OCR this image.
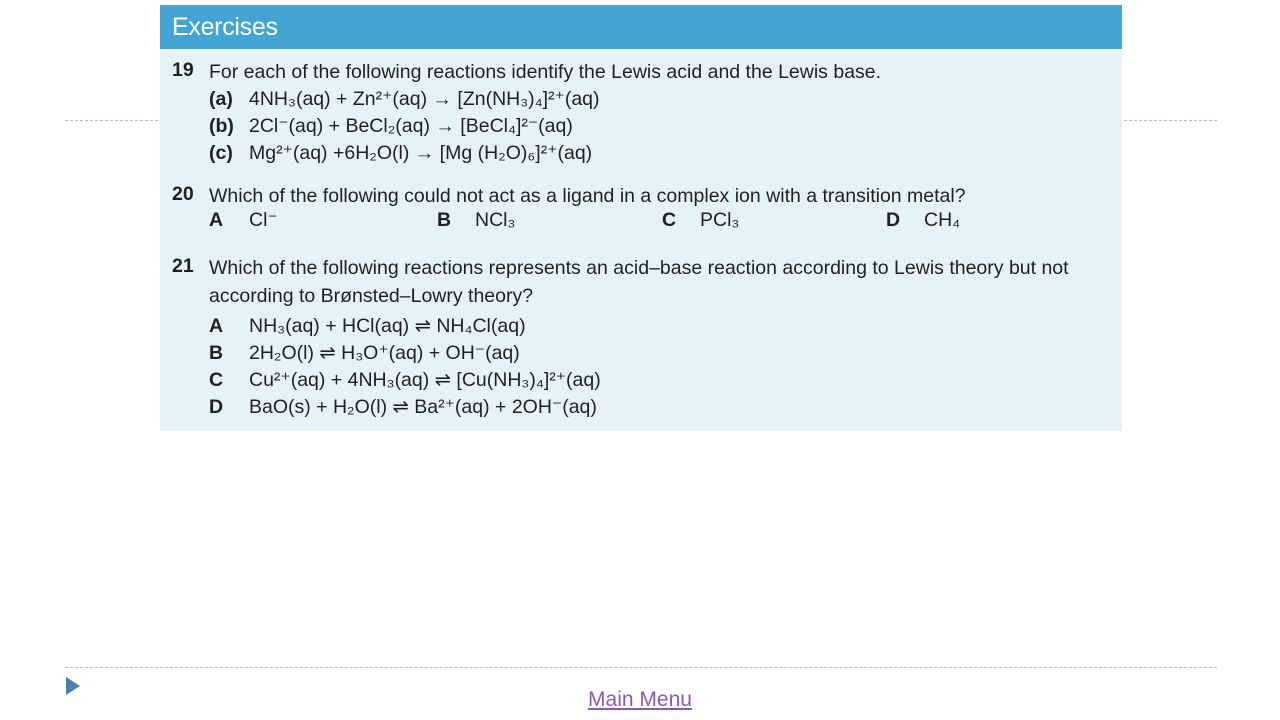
Exercises
19 For each of the following reactions identify the Lewis acid and the Lewis base.
(a) 4NH₃(aq) + Zn²⁺(aq) → [Zn(NH₃)₄]²⁺(aq)
(b) 2Cl⁻(aq) + BeCl₂(aq) → [BeCl₄]²⁻(aq)
(c) Mg²⁺(aq) +6H₂O(l) → [Mg (H₂O)₆]²⁺(aq)
20 Which of the following could not act as a ligand in a complex ion with a transition metal?
A Cl⁻	B NCl₃	C PCl₃	D CH₄
21 Which of the following reactions represents an acid–base reaction according to Lewis theory but not
according to Brønsted–Lowry theory?
A NH₃(aq) + HCl(aq) ⇌ NH₄Cl(aq)
B 2H₂O(l) ⇌ H₃O⁺(aq) + OH⁻(aq)
C Cu²⁺(aq) + 4NH₃(aq) ⇌ [Cu(NH₃)₄]²⁺(aq)
D BaO(s) + H₂O(l) ⇌ Ba²⁺(aq) + 2OH⁻(aq)
Main Menu
